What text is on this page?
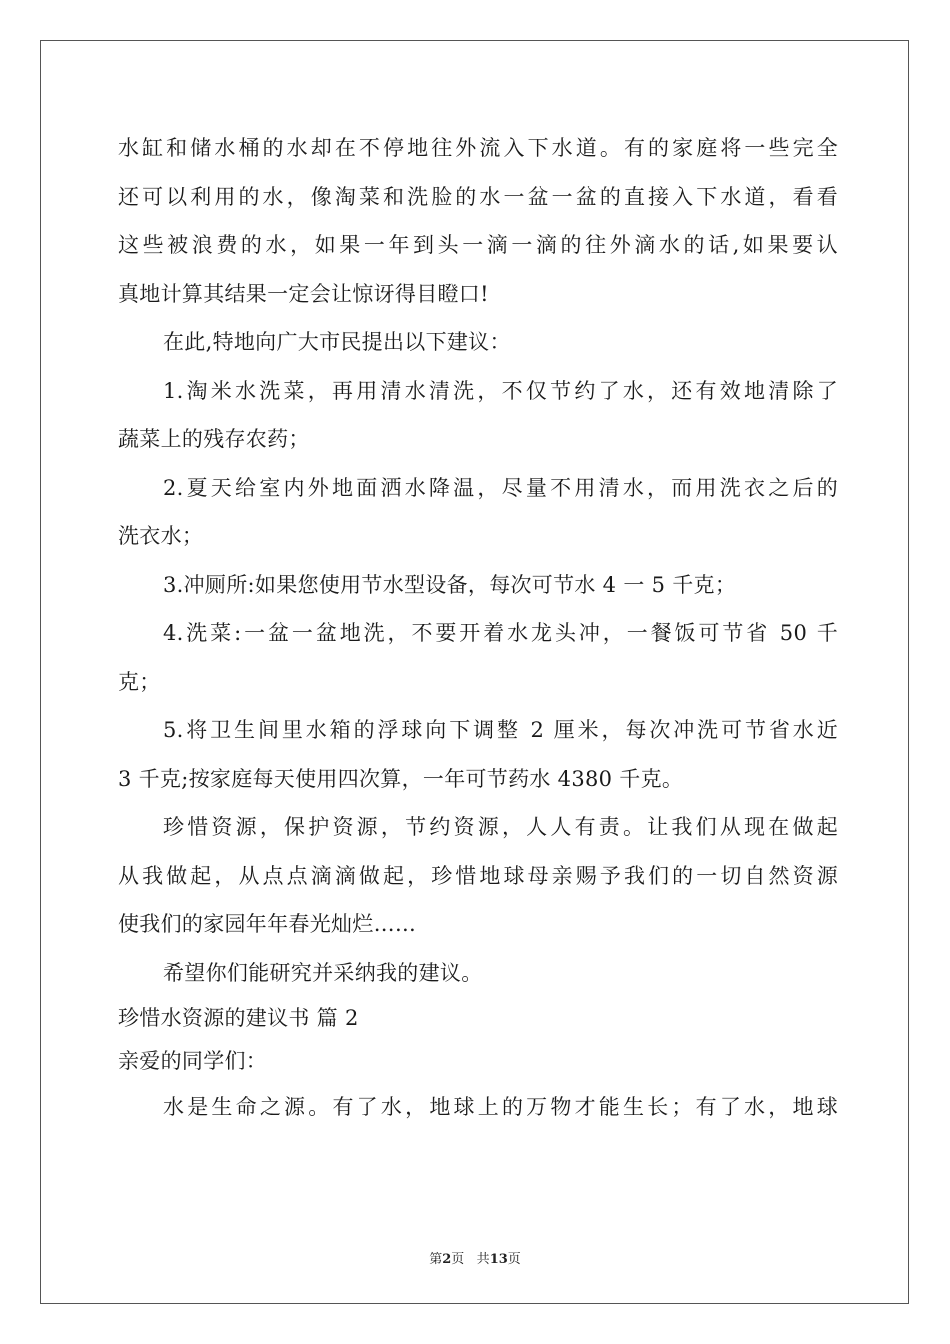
水缸和储水桶的水却在不停地往外流入下水道。有的家庭将一些完全
还可以利用的水，像淘菜和洗脸的水一盆一盆的直接入下水道，看看
这些被浪费的水，如果一年到头一滴一滴的往外滴水的话,如果要认
真地计算其结果一定会让惊讶得目瞪口!
在此,特地向广大市民提出以下建议：
1.淘米水洗菜，再用清水清洗，不仅节约了水，还有效地清除了
蔬菜上的残存农药；
2.夏天给室内外地面洒水降温，尽量不用清水，而用洗衣之后的
洗衣水；
3.冲厕所:如果您使用节水型设备，每次可节水 4 一 5 千克；
4.洗菜:一盆一盆地洗，不要开着水龙头冲，一餐饭可节省 50 千
克；
5.将卫生间里水箱的浮球向下调整 2 厘米，每次冲洗可节省水近
3 千克;按家庭每天使用四次算，一年可节药水 4380 千克。
珍惜资源，保护资源，节约资源，人人有责。让我们从现在做起
从我做起，从点点滴滴做起，珍惜地球母亲赐予我们的一切自然资源
使我们的家园年年春光灿烂……
希望你们能研究并采纳我的建议。
珍惜水资源的建议书 篇 2
亲爱的同学们：
水是生命之源。有了水，地球上的万物才能生长；有了水，地球
第2页 共13页
